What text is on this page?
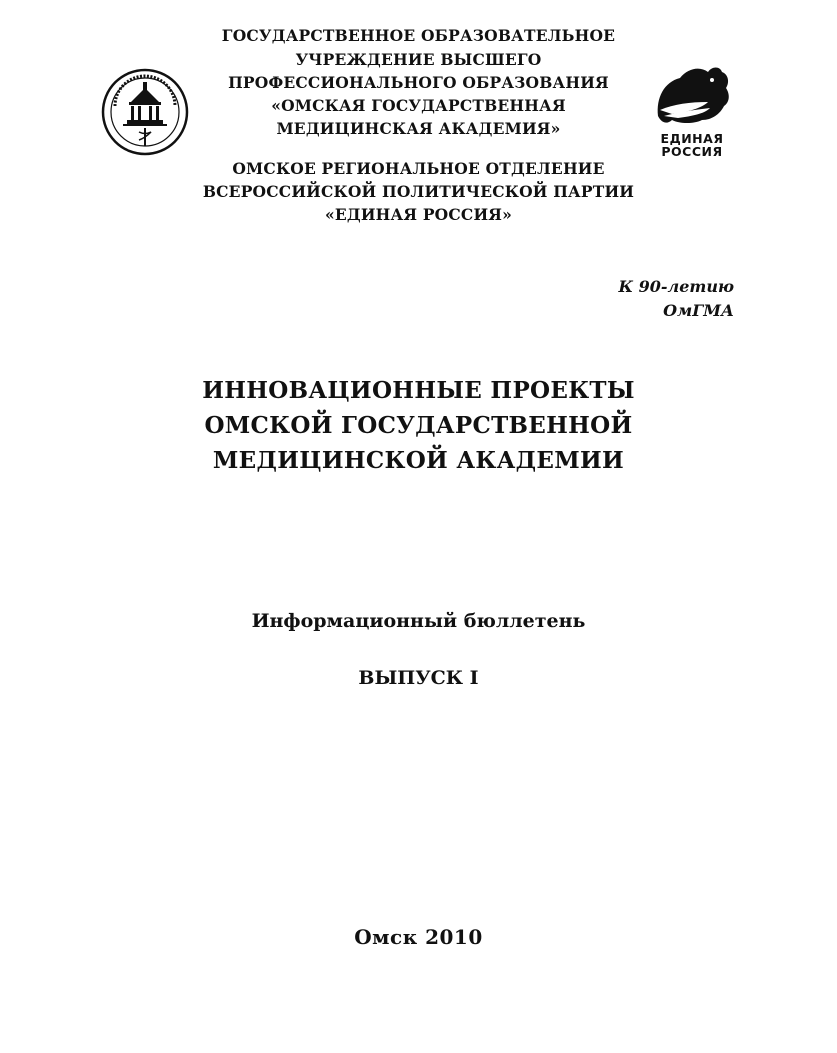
ЕДИНАЯ
РОССИЯ
ГОСУДАРСТВЕННОЕ ОБРАЗОВАТЕЛЬНОЕ
УЧРЕЖДЕНИЕ ВЫСШЕГО
ПРОФЕССИОНАЛЬНОГО ОБРАЗОВАНИЯ
«ОМСКАЯ ГОСУДАРСТВЕННАЯ
МЕДИЦИНСКАЯ АКАДЕМИЯ»
ОМСКОЕ РЕГИОНАЛЬНОЕ ОТДЕЛЕНИЕ
ВСЕРОССИЙСКОЙ ПОЛИТИЧЕСКОЙ ПАРТИИ
«ЕДИНАЯ РОССИЯ»
К 90-летию
ОмГМА
ИННОВАЦИОННЫЕ ПРОЕКТЫ
ОМСКОЙ ГОСУДАРСТВЕННОЙ
МЕДИЦИНСКОЙ АКАДЕМИИ
Информационный бюллетень
ВЫПУСК I
Омск 2010
